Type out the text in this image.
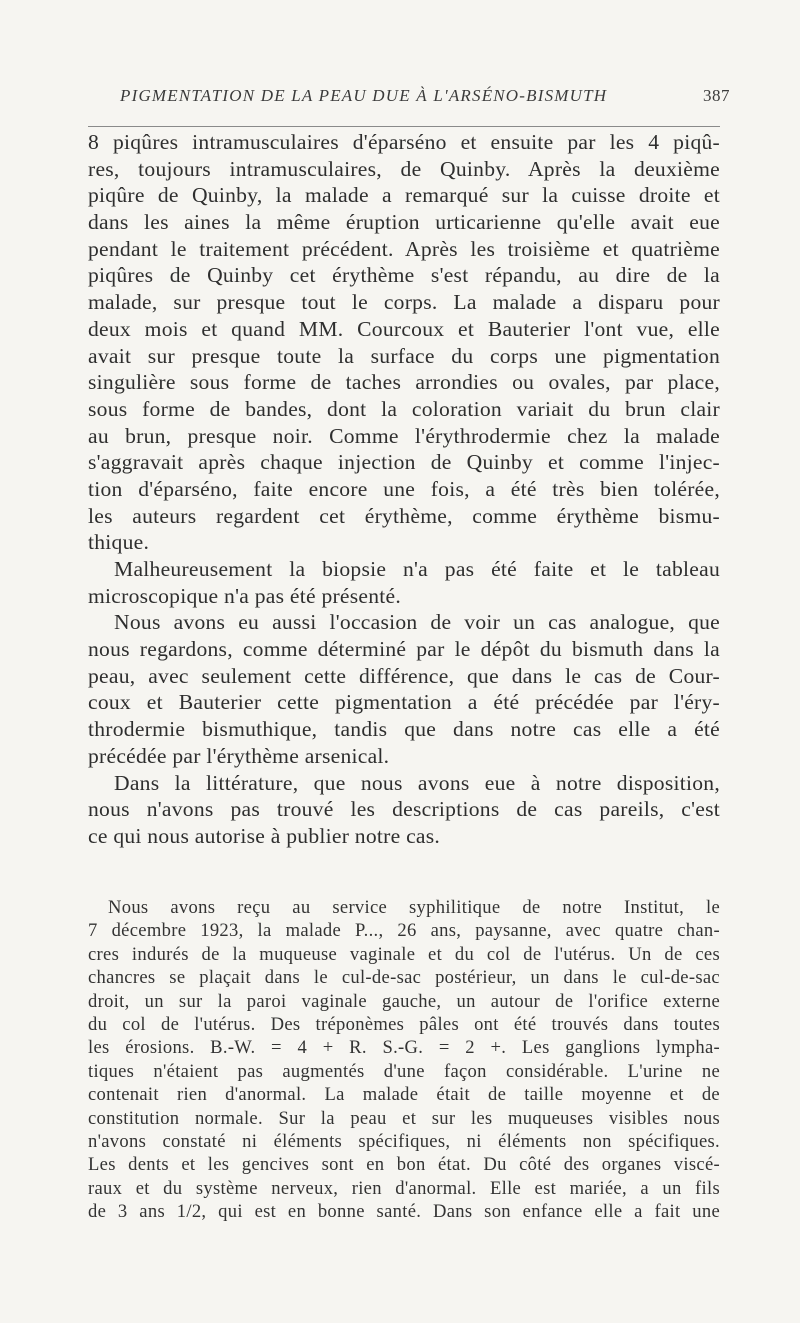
PIGMENTATION DE LA PEAU DUE À L'ARSÉNO-BISMUTH	387
8 piqûres intramusculaires d'éparséno et ensuite par les 4 piqû-
res, toujours intramusculaires, de Quinby. Après la deuxième
piqûre de Quinby, la malade a remarqué sur la cuisse droite et
dans les aines la même éruption urticarienne qu'elle avait eue
pendant le traitement précédent. Après les troisième et quatrième
piqûres de Quinby cet érythème s'est répandu, au dire de la
malade, sur presque tout le corps. La malade a disparu pour
deux mois et quand MM. Courcoux et Bauterier l'ont vue, elle
avait sur presque toute la surface du corps une pigmentation
singulière sous forme de taches arrondies ou ovales, par place,
sous forme de bandes, dont la coloration variait du brun clair
au brun, presque noir. Comme l'érythrodermie chez la malade
s'aggravait après chaque injection de Quinby et comme l'injec-
tion d'éparséno, faite encore une fois, a été très bien tolérée,
les auteurs regardent cet érythème, comme érythème bismu-
thique.
Malheureusement la biopsie n'a pas été faite et le tableau
microscopique n'a pas été présenté.
Nous avons eu aussi l'occasion de voir un cas analogue, que
nous regardons, comme déterminé par le dépôt du bismuth dans la
peau, avec seulement cette différence, que dans le cas de Cour-
coux et Bauterier cette pigmentation a été précédée par l'éry-
throdermie bismuthique, tandis que dans notre cas elle a été
précédée par l'érythème arsenical.
Dans la littérature, que nous avons eue à notre disposition,
nous n'avons pas trouvé les descriptions de cas pareils, c'est
ce qui nous autorise à publier notre cas.
Nous avons reçu au service syphilitique de notre Institut, le
7 décembre 1923, la malade P..., 26 ans, paysanne, avec quatre chan-
cres indurés de la muqueuse vaginale et du col de l'utérus. Un de ces
chancres se plaçait dans le cul-de-sac postérieur, un dans le cul-de-sac
droit, un sur la paroi vaginale gauche, un autour de l'orifice externe
du col de l'utérus. Des tréponèmes pâles ont été trouvés dans toutes
les érosions. B.-W. = 4 + R. S.-G. = 2 +. Les ganglions lympha-
tiques n'étaient pas augmentés d'une façon considérable. L'urine ne
contenait rien d'anormal. La malade était de taille moyenne et de
constitution normale. Sur la peau et sur les muqueuses visibles nous
n'avons constaté ni éléments spécifiques, ni éléments non spécifiques.
Les dents et les gencives sont en bon état. Du côté des organes viscé-
raux et du système nerveux, rien d'anormal. Elle est mariée, a un fils
de 3 ans 1/2, qui est en bonne santé. Dans son enfance elle a fait une
